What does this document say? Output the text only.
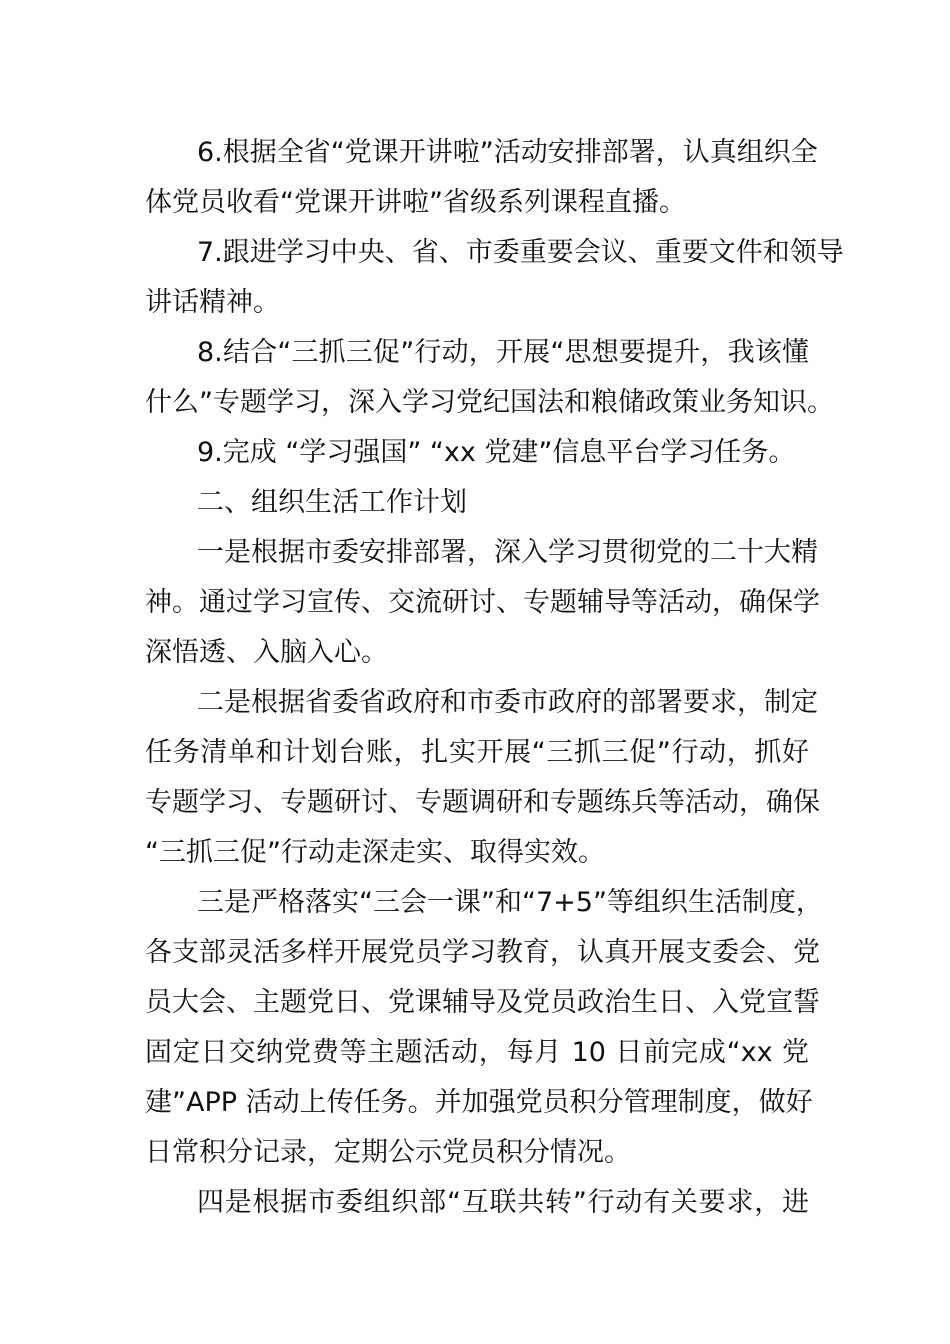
6.根据全省“党课开讲啦”活动安排部署，认真组织全
体党员收看“党课开讲啦”省级系列课程直播。
7.跟进学习中央、省、市委重要会议、重要文件和领导
讲话精神。
8.结合“三抓三促”行动，开展“思想要提升，我该懂
什么”专题学习，深入学习党纪国法和粮储政策业务知识。
9.完成 “学习强国” “xx 党建”信息平台学习任务。
二、组织生活工作计划
一是根据市委安排部署，深入学习贯彻党的二十大精
神。通过学习宣传、交流研讨、专题辅导等活动，确保学
深悟透、入脑入心。
二是根据省委省政府和市委市政府的部署要求，制定
任务清单和计划台账，扎实开展“三抓三促”行动，抓好
专题学习、专题研讨、专题调研和专题练兵等活动，确保
“三抓三促”行动走深走实、取得实效。
三是严格落实“三会一课”和“7+5”等组织生活制度，
各支部灵活多样开展党员学习教育，认真开展支委会、党
员大会、主题党日、党课辅导及党员政治生日、入党宣誓
固定日交纳党费等主题活动，每月 10 日前完成“xx 党
建”APP 活动上传任务。并加强党员积分管理制度，做好
日常积分记录，定期公示党员积分情况。
四是根据市委组织部“互联共转”行动有关要求，进
